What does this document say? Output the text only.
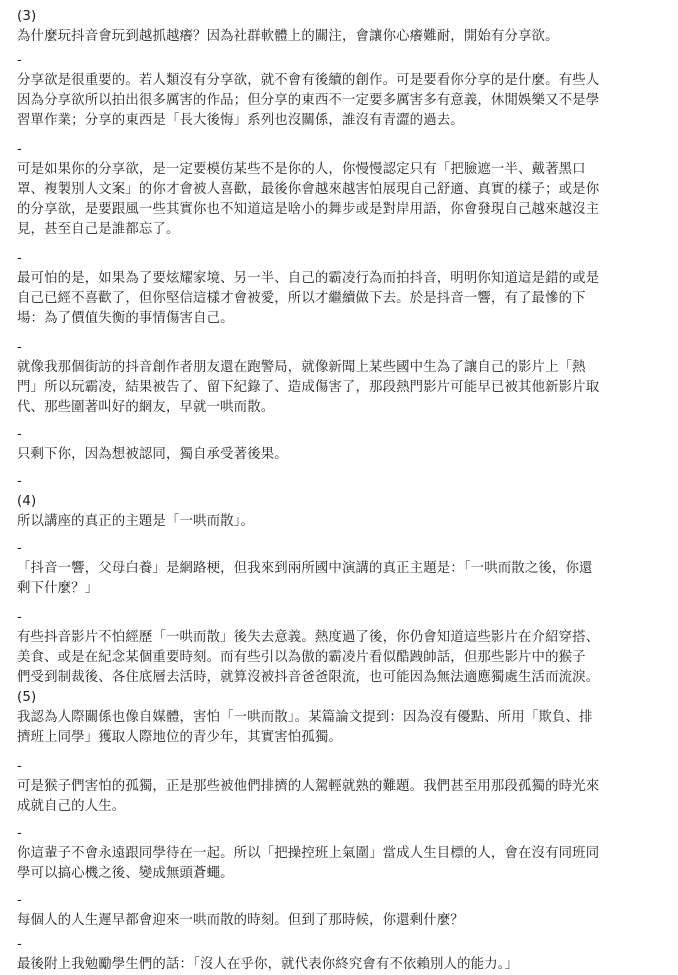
(3)
為什麼玩抖音會玩到越抓越癢？因為社群軟體上的關注，會讓你心癢難耐，開始有分享欲。
-
分享欲是很重要的。若人類沒有分享欲，就不會有後續的創作。可是要看你分享的是什麼。有些人
因為分享欲所以拍出很多厲害的作品；但分享的東西不一定要多厲害多有意義，休閒娛樂又不是學
習單作業；分享的東西是「長大後悔」系列也沒關係，誰沒有青澀的過去。
-
可是如果你的分享欲，是一定要模仿某些不是你的人，你慢慢認定只有「把臉遮一半、戴著黑口
罩、複製別人文案」的你才會被人喜歡，最後你會越來越害怕展現自己舒適、真實的樣子；或是你
的分享欲，是要跟風一些其實你也不知道這是啥小的舞步或是對岸用語，你會發現自己越來越沒主
見，甚至自己是誰都忘了。
-
最可怕的是，如果為了要炫耀家境、另一半、自己的霸凌行為而拍抖音，明明你知道這是錯的或是
自己已經不喜歡了，但你堅信這樣才會被愛，所以才繼續做下去。於是抖音一響，有了最慘的下
場：為了價值失衡的事情傷害自己。
-
就像我那個街訪的抖音創作者朋友還在跑警局，就像新聞上某些國中生為了讓自己的影片上「熱
門」所以玩霸凌，結果被告了、留下紀錄了、造成傷害了，那段熱門影片可能早已被其他新影片取
代、那些圍著叫好的網友，早就一哄而散。
-
只剩下你，因為想被認同，獨自承受著後果。
-
(4)
所以講座的真正的主題是「一哄而散」。
-
「抖音一響，父母白養」是網路梗，但我來到兩所國中演講的真正主題是：「一哄而散之後，你還
剩下什麼？」
-
有些抖音影片不怕經歷「一哄而散」後失去意義。熱度過了後，你仍會知道這些影片在介紹穿搭、
美食、或是在紀念某個重要時刻。而有些引以為傲的霸凌片看似酷跩帥話，但那些影片中的猴子
們受到制裁後、各住底層去活時，就算沒被抖音爸爸限流，也可能因為無法適應獨處生活而流淚。
(5)
我認為人際關係也像自媒體，害怕「一哄而散」。某篇論文提到：因為沒有優點、所用「欺負、排
擠班上同學」獲取人際地位的青少年，其實害怕孤獨。
-
可是猴子們害怕的孤獨，正是那些被他們排擠的人駕輕就熟的難題。我們甚至用那段孤獨的時光來
成就自己的人生。
-
你這輩子不會永遠跟同學待在一起。所以「把操控班上氣圍」當成人生目標的人，會在沒有同班同
學可以搞心機之後、變成無頭蒼蠅。
-
每個人的人生遲早都會迎來一哄而散的時刻。但到了那時候，你還剩什麼？
-
最後附上我勉勵學生們的話：「沒人在乎你，就代表你終究會有不依賴別人的能力。」
